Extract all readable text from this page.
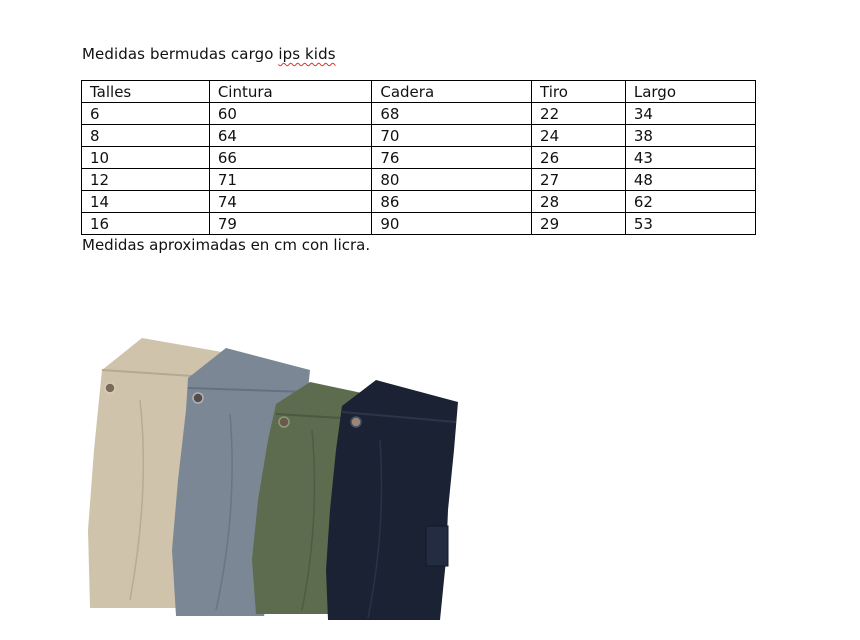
Medidas bermudas cargo ips kids
Talles	Cintura	Cadera	Tiro	Largo
6	60	68	22	34
8	64	70	24	38
10	66	76	26	43
12	71	80	27	48
14	74	86	28	62
16	79	90	29	53
Medidas aproximadas en cm con licra.
